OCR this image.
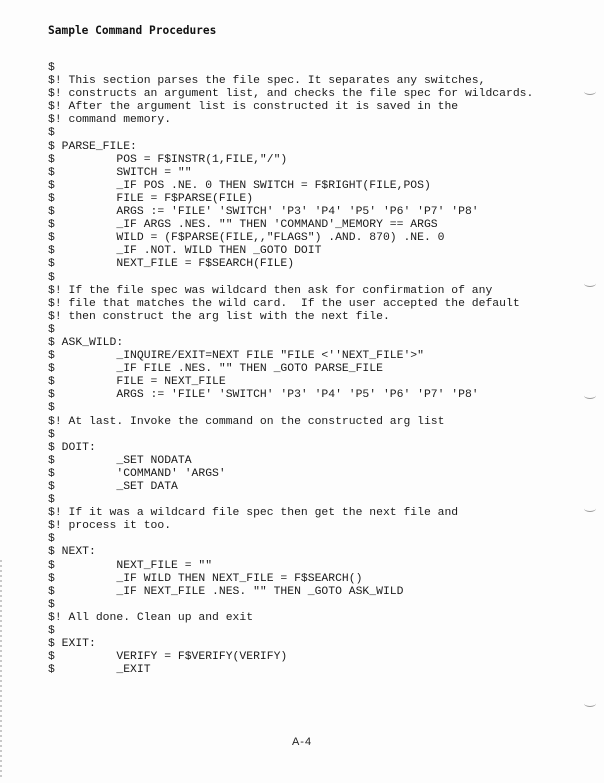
Sample Command Procedures
$
$! This section parses the file spec. It separates any switches,
$! constructs an argument list, and checks the file spec for wildcards.
$! After the argument list is constructed it is saved in the
$! command memory.
$
$ PARSE_FILE:
$         POS = F$INSTR(1,FILE,"/")
$         SWITCH = ""
$         _IF POS .NE. 0 THEN SWITCH = F$RIGHT(FILE,POS)
$         FILE = F$PARSE(FILE)
$         ARGS := 'FILE' 'SWITCH' 'P3' 'P4' 'P5' 'P6' 'P7' 'P8'
$         _IF ARGS .NES. "" THEN 'COMMAND'_MEMORY == ARGS
$         WILD = (F$PARSE(FILE,,"FLAGS") .AND. 870) .NE. 0
$         _IF .NOT. WILD THEN _GOTO DOIT
$         NEXT_FILE = F$SEARCH(FILE)
$
$! If the file spec was wildcard then ask for confirmation of any
$! file that matches the wild card.  If the user accepted the default
$! then construct the arg list with the next file.
$
$ ASK_WILD:
$         _INQUIRE/EXIT=NEXT FILE "FILE <''NEXT_FILE'>"
$         _IF FILE .NES. "" THEN _GOTO PARSE_FILE
$         FILE = NEXT_FILE
$         ARGS := 'FILE' 'SWITCH' 'P3' 'P4' 'P5' 'P6' 'P7' 'P8'
$
$! At last. Invoke the command on the constructed arg list
$
$ DOIT:
$         _SET NODATA
$         'COMMAND' 'ARGS'
$         _SET DATA
$
$! If it was a wildcard file spec then get the next file and
$! process it too.
$
$ NEXT:
$         NEXT_FILE = ""
$         _IF WILD THEN NEXT_FILE = F$SEARCH()
$         _IF NEXT_FILE .NES. "" THEN _GOTO ASK_WILD
$
$! All done. Clean up and exit
$
$ EXIT:
$         VERIFY = F$VERIFY(VERIFY)
$         _EXIT
A-4
